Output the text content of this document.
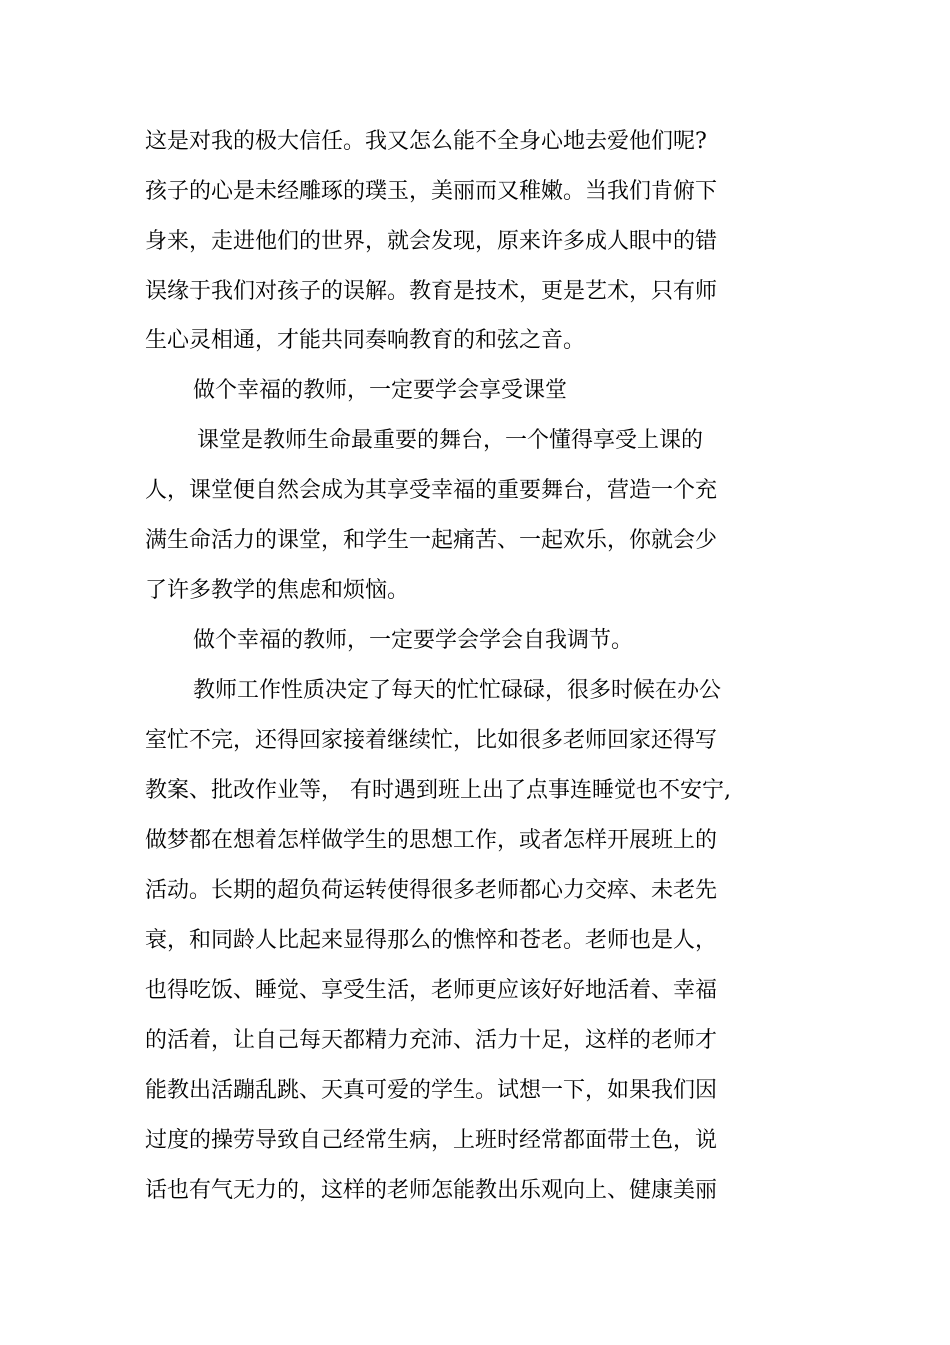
这是对我的极大信任。我又怎么能不全身心地去爱他们呢?
孩子的心是未经雕琢的璞玉，美丽而又稚嫩。当我们肯俯下
身来，走进他们的世界，就会发现，原来许多成人眼中的错
误缘于我们对孩子的误解。教育是技术，更是艺术，只有师
生心灵相通，才能共同奏响教育的和弦之音。
做个幸福的教师，一定要学会享受课堂
课堂是教师生命最重要的舞台，一个懂得享受上课的
人，课堂便自然会成为其享受幸福的重要舞台，营造一个充
满生命活力的课堂，和学生一起痛苦、一起欢乐，你就会少
了许多教学的焦虑和烦恼。
做个幸福的教师，一定要学会学会自我调节。
教师工作性质决定了每天的忙忙碌碌，很多时候在办公
室忙不完，还得回家接着继续忙，比如很多老师回家还得写
教案、批改作业等， 有时遇到班上出了点事连睡觉也不安宁,
做梦都在想着怎样做学生的思想工作，或者怎样开展班上的
活动。长期的超负荷运转使得很多老师都心力交瘁、未老先
衰，和同龄人比起来显得那么的憔悴和苍老。老师也是人，
也得吃饭、睡觉、享受生活，老师更应该好好地活着、幸福
的活着，让自己每天都精力充沛、活力十足，这样的老师才
能教出活蹦乱跳、天真可爱的学生。试想一下，如果我们因
过度的操劳导致自己经常生病，上班时经常都面带土色，说
话也有气无力的，这样的老师怎能教出乐观向上、健康美丽
